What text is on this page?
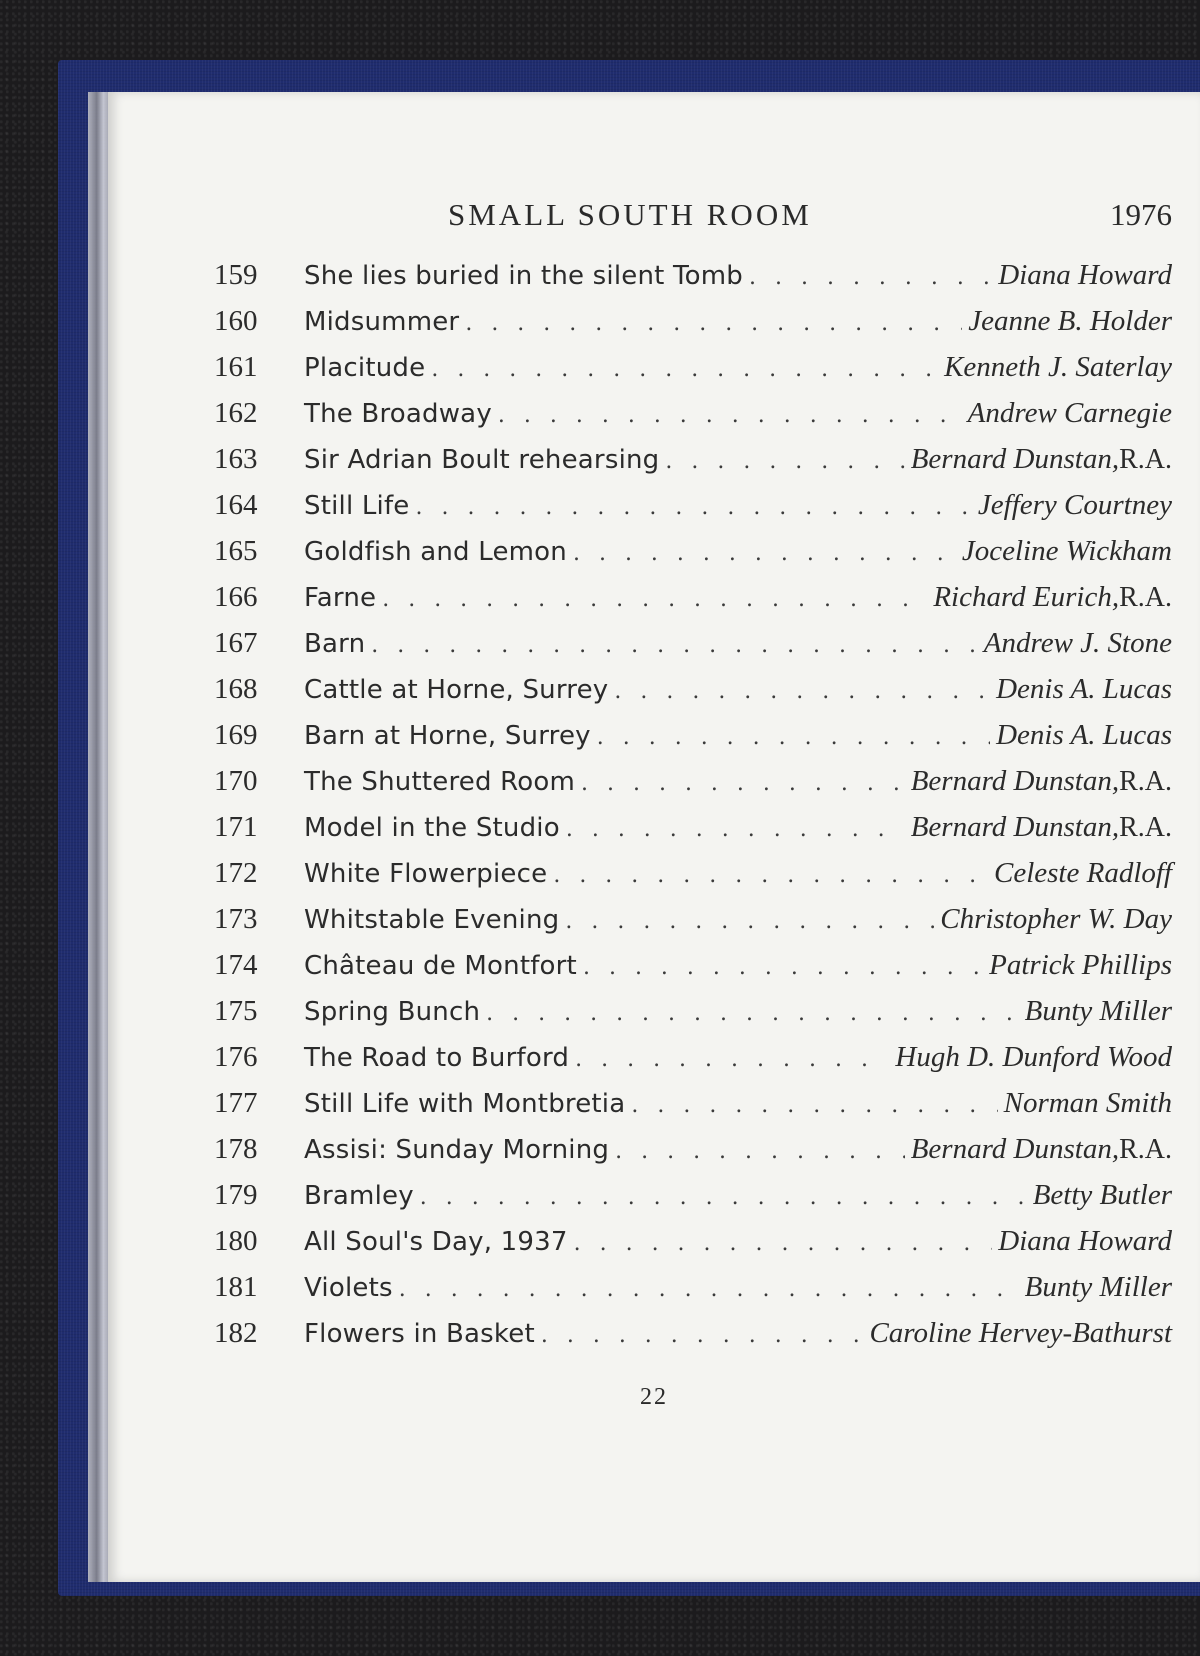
SMALL SOUTH ROOM	1976
159	She lies buried in the silent Tomb . . .	Diana Howard
160	Midsummer . . .	Jeanne B. Holder
161	Placitude . . .	Kenneth J. Saterlay
162	The Broadway . . .	Andrew Carnegie
163	Sir Adrian Boult rehearsing . . .	Bernard Dunstan, R.A.
164	Still Life . . .	Jeffery Courtney
165	Goldfish and Lemon . . .	Joceline Wickham
166	Farne . . .	Richard Eurich, R.A.
167	Barn . . .	Andrew J. Stone
168	Cattle at Horne, Surrey . . .	Denis A. Lucas
169	Barn at Horne, Surrey . . .	Denis A. Lucas
170	The Shuttered Room . . .	Bernard Dunstan, R.A.
171	Model in the Studio . . .	Bernard Dunstan, R.A.
172	White Flowerpiece . . .	Celeste Radloff
173	Whitstable Evening . . .	Christopher W. Day
174	Château de Montfort . . .	Patrick Phillips
175	Spring Bunch . . .	Bunty Miller
176	The Road to Burford . . .	Hugh D. Dunford Wood
177	Still Life with Montbretia . . .	Norman Smith
178	Assisi: Sunday Morning . . .	Bernard Dunstan, R.A.
179	Bramley . . .	Betty Butler
180	All Soul's Day, 1937 . . .	Diana Howard
181	Violets . . .	Bunty Miller
182	Flowers in Basket . . .	Caroline Hervey-Bathurst
22
